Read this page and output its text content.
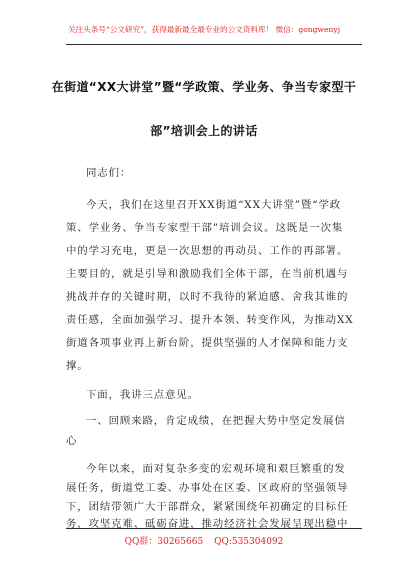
关注头条号“公文研究”，获得最新最全最专业的公文资料库！ 微信：gongwenyj
在街道“XX大讲堂”暨“学政策、学业务、争当专家型干
部”培训会上的讲话
同志们：
今天，我们在这里召开XX街道“XX大讲堂”暨“学政
策、学业务、争当专家型干部”培训会议。这既是一次集
中的学习充电，更是一次思想的再动员、工作的再部署。
主要目的，就是引导和激励我们全体干部，在当前机遇与
挑战并存的关键时期，以时不我待的紧迫感、舍我其谁的
责任感，全面加强学习、提升本领、转变作风，为推动XX
街道各项事业再上新台阶，提供坚强的人才保障和能力支
撑。
下面，我讲三点意见。
一、回顾来路，肯定成绩，在把握大势中坚定发展信
心
今年以来，面对复杂多变的宏观环境和艰巨繁重的发
展任务，街道党工委、办事处在区委、区政府的坚强领导
下，团结带领广大干部群众，紧紧围绕年初确定的目标任
务，攻坚克难、砥砺奋进，推动经济社会发展呈现出稳中
QQ群：30265665 QQ:535304092
